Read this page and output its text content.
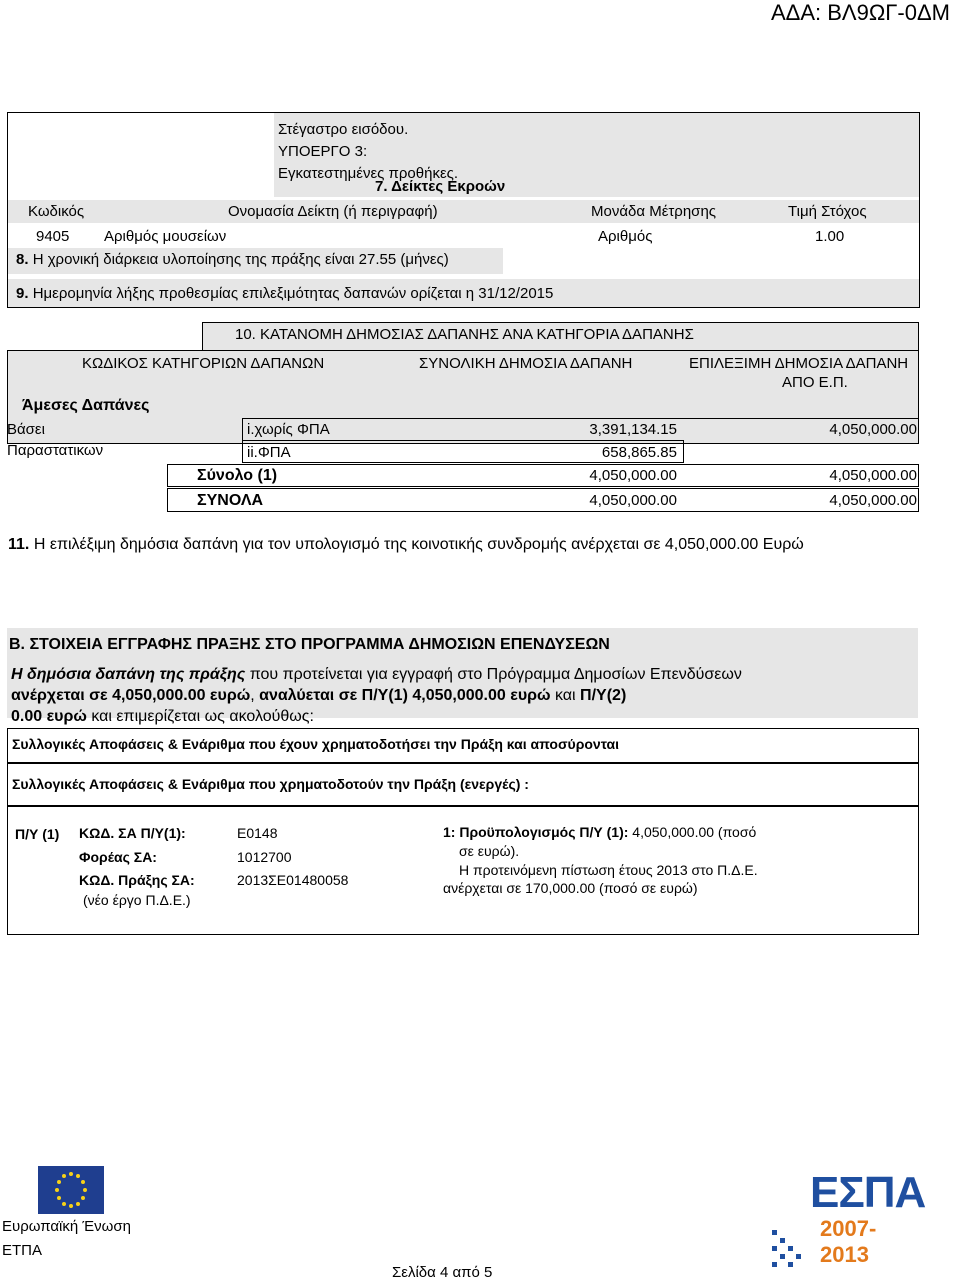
ΑΔΑ: ΒΛ9ΩΓ-0ΔΜ
Στέγαστρο εισόδου.
ΥΠΟΕΡΓΟ 3:
Εγκατεστημένες προθήκες.
7. Δείκτες Εκροών
Κωδικός	Ονομασία Δείκτη (ή περιγραφή)	Μονάδα Μέτρησης	Τιμή Στόχος
9405 Αριθμός μουσείων	Αριθμός	1.00
8. Η χρονική διάρκεια υλοποίησης της πράξης είναι 27.55 (μήνες)
9. Ημερομηνία λήξης προθεσμίας επιλεξιμότητας δαπανών ορίζεται η 31/12/2015
10. ΚΑΤΑΝΟΜΗ ΔΗΜΟΣΙΑΣ ΔΑΠΑΝΗΣ ΑΝΑ ΚΑΤΗΓΟΡΙΑ ΔΑΠΑΝΗΣ
ΚΩΔΙΚΟΣ ΚΑΤΗΓΟΡΙΩΝ ΔΑΠΑΝΩΝ	ΣΥΝΟΛΙΚΗ ΔΗΜΟΣΙΑ ΔΑΠΑΝΗ	ΕΠΙΛΕΞΙΜΗ ΔΗΜΟΣΙΑ ΔΑΠΑΝΗ
ΑΠΟ Ε.Π.
Άμεσες Δαπάνες
Βάσει
Παραστατικων
i.χωρίς ΦΠΑ	3,391,134.15	4,050,000.00
ii.ΦΠΑ	658,865.85
Σύνολο (1)	4,050,000.00	4,050,000.00
ΣΥΝΟΛΑ	4,050,000.00	4,050,000.00
11. Η επιλέξιμη δημόσια δαπάνη για τον υπολογισμό της κοινοτικής συνδρομής ανέρχεται σε 4,050,000.00 Ευρώ
Β. ΣΤΟΙΧΕΙΑ ΕΓΓΡΑΦΗΣ ΠΡΑΞΗΣ ΣΤΟ ΠΡΟΓΡΑΜΜΑ ΔΗΜΟΣΙΩΝ ΕΠΕΝΔΥΣΕΩΝ
Η δημόσια δαπάνη της πράξης που προτείνεται για εγγραφή στο Πρόγραμμα Δημοσίων Επενδύσεων
ανέρχεται σε 4,050,000.00 ευρώ, αναλύεται σε Π/Υ(1) 4,050,000.00 ευρώ και Π/Υ(2)
0.00 ευρώ και επιμερίζεται ως ακολούθως:
Συλλογικές Αποφάσεις & Ενάριθμα που έχουν χρηματοδοτήσει την Πράξη και αποσύρονται
Συλλογικές Αποφάσεις & Ενάριθμα που χρηματοδοτούν την Πράξη (ενεργές) :
Π/Υ (1) ΚΩΔ. ΣΑ Π/Υ(1):	Ε0148
Φορέας ΣΑ:	1012700
ΚΩΔ. Πράξης ΣΑ:	2013ΣΕ01480058
(νέο έργο Π.Δ.Ε.)
1: Προϋπολογισμός Π/Υ (1): 4,050,000.00 (ποσό
σε ευρώ).
Η προτεινόμενη πίστωση έτους 2013 στο Π.Δ.Ε.
ανέρχεται σε 170,000.00 (ποσό σε ευρώ)
Ευρωπαϊκή Ένωση
ΕΤΠΑ
Σελίδα 4 από 5
ΕΣΠΑ
2007-2013
